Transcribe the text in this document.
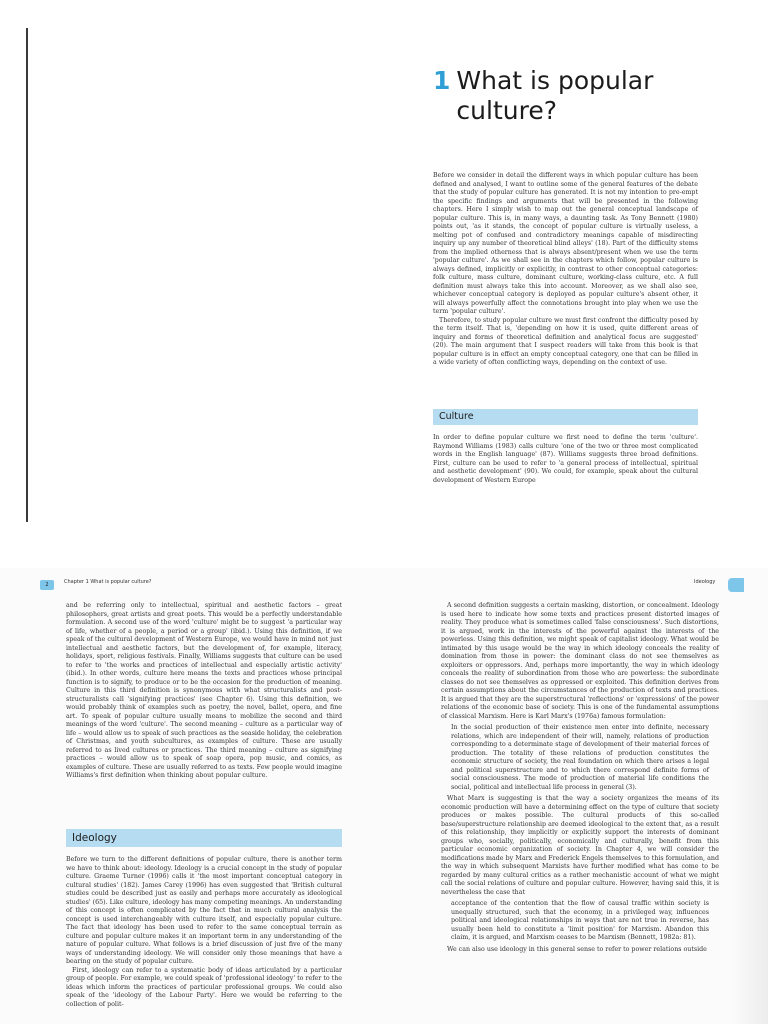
1 What is popular
culture?

Before we consider in detail the different ways in which popular culture has been defined and analysed, I want to outline some of the general features of the debate that the study of popular culture has generated. It is not my intention to pre-empt the specific findings and arguments that will be presented in the following chapters. Here I simply wish to map out the general conceptual landscape of popular culture. This is, in many ways, a daunting task. As Tony Bennett (1980) points out, 'as it stands, the concept of popular culture is virtually useless, a melting pot of confused and contradictory meanings capable of misdirecting inquiry up any number of theoretical blind alleys' (18). Part of the difficulty stems from the implied otherness that is always absent/present when we use the term 'popular culture'. As we shall see in the chapters which follow, popular culture is always defined, implicitly or explicitly, in contrast to other conceptual categories: folk culture, mass culture, dominant culture, working-class culture, etc. A full definition must always take this into account. Moreover, as we shall also see, whichever conceptual category is deployed as popular culture's absent other, it will always powerfully affect the connotations brought into play when we use the term 'popular culture'.

Therefore, to study popular culture we must first confront the difficulty posed by the term itself. That is, 'depending on how it is used, quite different areas of inquiry and forms of theoretical definition and analytical focus are suggested' (20). The main argument that I suspect readers will take from this book is that popular culture is in effect an empty conceptual category, one that can be filled in a wide variety of often conflicting ways, depending on the context of use.

Culture

In order to define popular culture we first need to define the term 'culture'. Raymond Williams (1983) calls culture 'one of the two or three most complicated words in the English language' (87). Williams suggests three broad definitions. First, culture can be used to refer to 'a general process of intellectual, spiritual and aesthetic development' (90). We could, for example, speak about the cultural development of Western Europe

2	Chapter 1 What is popular culture?	Ideology

and be referring only to intellectual, spiritual and aesthetic factors – great philosophers, great artists and great poets. This would be a perfectly understandable formulation. A second use of the word 'culture' might be to suggest 'a particular way of life, whether of a people, a period or a group' (ibid.). Using this definition, if we speak of the cultural development of Western Europe, we would have in mind not just intellectual and aesthetic factors, but the development of, for example, literacy, holidays, sport, religious festivals. Finally, Williams suggests that culture can be used to refer to 'the works and practices of intellectual and especially artistic activity' (ibid.). In other words, culture here means the texts and practices whose principal function is to signify, to produce or to be the occasion for the production of meaning. Culture in this third definition is synonymous with what structuralists and post-structuralists call 'signifying practices' (see Chapter 6). Using this definition, we would probably think of examples such as poetry, the novel, ballet, opera, and fine art. To speak of popular culture usually means to mobilize the second and third meanings of the word 'culture'. The second meaning – culture as a particular way of life – would allow us to speak of such practices as the seaside holiday, the celebration of Christmas, and youth subcultures, as examples of culture. These are usually referred to as lived cultures or practices. The third meaning – culture as signifying practices – would allow us to speak of soap opera, pop music, and comics, as examples of culture. These are usually referred to as texts. Few people would imagine Williams's first definition when thinking about popular culture.

Ideology

Before we turn to the different definitions of popular culture, there is another term we have to think about: ideology. Ideology is a crucial concept in the study of popular culture. Graeme Turner (1996) calls it 'the most important conceptual category in cultural studies' (182). James Carey (1996) has even suggested that 'British cultural studies could be described just as easily and perhaps more accurately as ideological studies' (65). Like culture, ideology has many competing meanings. An understanding of this concept is often complicated by the fact that in much cultural analysis the concept is used interchangeably with culture itself, and especially popular culture. The fact that ideology has been used to refer to the same conceptual terrain as culture and popular culture makes it an important term in any understanding of the nature of popular culture. What follows is a brief discussion of just five of the many ways of understanding ideology. We will consider only those meanings that have a bearing on the study of popular culture.

First, ideology can refer to a systematic body of ideas articulated by a particular group of people. For example, we could speak of 'professional ideology' to refer to the ideas which inform the practices of particular professional groups. We could also speak of the 'ideology of the Labour Party'. Here we would be referring to the collection of polit-

A second definition suggests a certain masking, distortion, or concealment. Ideology is used here to indicate how some texts and practices present distorted images of reality. They produce what is sometimes called 'false consciousness'. Such distortions, it is argued, work in the interests of the powerful against the interests of the powerless. Using this definition, we might speak of capitalist ideology. What would be intimated by this usage would be the way in which ideology conceals the reality of domination from those in power: the dominant class do not see themselves as exploiters or oppressors. And, perhaps more importantly, the way in which ideology conceals the reality of subordination from those who are powerless: the subordinate classes do not see themselves as oppressed or exploited. This definition derives from certain assumptions about the circumstances of the production of texts and practices. It is argued that they are the superstructural 'reflections' or 'expressions' of the power relations of the economic base of society. This is one of the fundamental assumptions of classical Marxism. Here is Karl Marx's (1976a) famous formulation:

In the social production of their existence men enter into definite, necessary relations, which are independent of their will, namely, relations of production corresponding to a determinate stage of development of their material forces of production. The totality of these relations of production constitutes the economic structure of society, the real foundation on which there arises a legal and political superstructure and to which there correspond definite forms of social consciousness. The mode of production of material life conditions the social, political and intellectual life process in general (3).

What Marx is suggesting is that the way a society organizes the means of its economic production will have a determining effect on the type of culture that society produces or makes possible. The cultural products of this so-called base/superstructure relationship are deemed ideological to the extent that, as a result of this relationship, they implicitly or explicitly support the interests of dominant groups who, socially, politically, economically and culturally, benefit from this particular economic organization of society. In Chapter 4, we will consider the modifications made by Marx and Frederick Engels themselves to this formulation, and the way in which subsequent Marxists have further modified what has come to be regarded by many cultural critics as a rather mechanistic account of what we might call the social relations of culture and popular culture. However, having said this, it is nevertheless the case that

acceptance of the contention that the flow of causal traffic within society is unequally structured, such that the economy, in a privileged way, influences political and ideological relationships in ways that are not true in reverse, has usually been held to constitute a 'limit position' for Marxism. Abandon this claim, it is argued, and Marxism ceases to be Marxism (Bennett, 1982a: 81).

We can also use ideology in this general sense to refer to power relations outside
